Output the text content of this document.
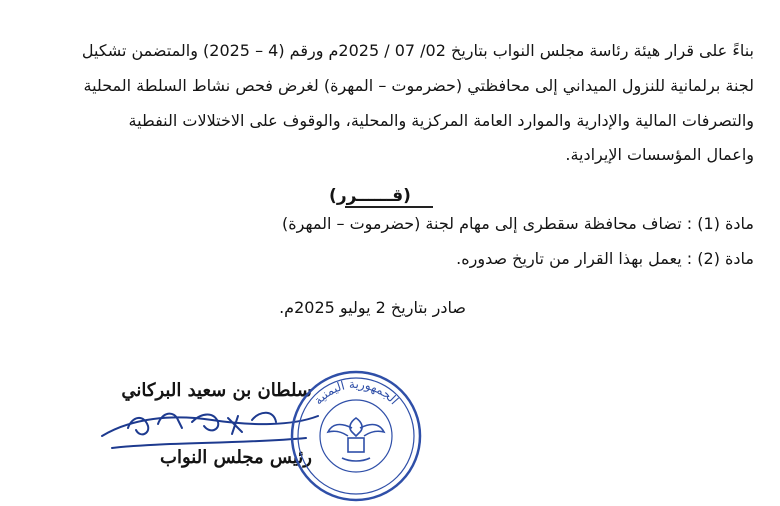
بناءً على قرار هيئة رئاسة مجلس النواب بتاريخ 02/ 07 / 2025م ورقم (4 – 2025) والمتضمن تشكيل
لجنة برلمانية للنزول الميداني إلى محافظتي (حضرموت – المهرة) لغرض فحص نشاط السلطة المحلية
والتصرفات المالية والإدارية والموارد العامة المركزية والمحلية، والوقوف على الاختلالات النفطية
واعمال المؤسسات الإيرادية.
(قــــــرر)
مادة (1) : تضاف محافظة سقطرى إلى مهام لجنة (حضرموت – المهرة)
مادة (2) : يعمل بهذا القرار من تاريخ صدوره.
صادر بتاريخ 2 يوليو 2025م.
سلطان بن سعيد البركاني
رئيس مجلس النواب
الجمهورية اليمنية
